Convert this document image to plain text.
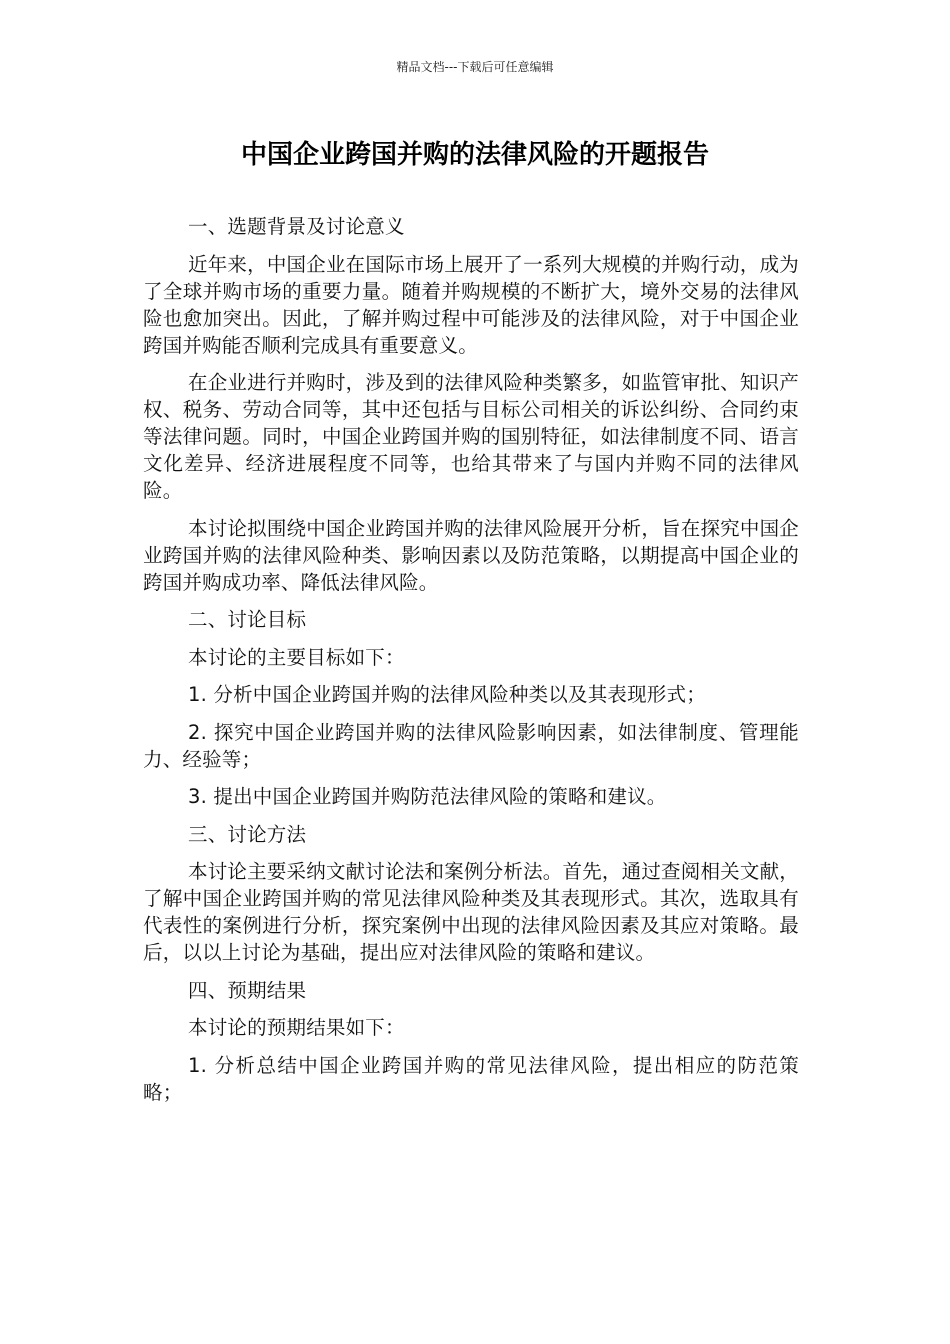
精品文档---下载后可任意编辑
中国企业跨国并购的法律风险的开题报告

一、选题背景及讨论意义

近年来，中国企业在国际市场上展开了一系列大规模的并购行动，成为了全球并购市场的重要力量。随着并购规模的不断扩大，境外交易的法律风险也愈加突出。因此，了解并购过程中可能涉及的法律风险，对于中国企业跨国并购能否顺利完成具有重要意义。

在企业进行并购时，涉及到的法律风险种类繁多，如监管审批、知识产权、税务、劳动合同等，其中还包括与目标公司相关的诉讼纠纷、合同约束等法律问题。同时，中国企业跨国并购的国别特征，如法律制度不同、语言文化差异、经济进展程度不同等，也给其带来了与国内并购不同的法律风险。

本讨论拟围绕中国企业跨国并购的法律风险展开分析，旨在探究中国企业跨国并购的法律风险种类、影响因素以及防范策略，以期提高中国企业的跨国并购成功率、降低法律风险。

二、讨论目标

本讨论的主要目标如下：

1. 分析中国企业跨国并购的法律风险种类以及其表现形式；

2. 探究中国企业跨国并购的法律风险影响因素，如法律制度、管理能力、经验等；

3. 提出中国企业跨国并购防范法律风险的策略和建议。

三、讨论方法

本讨论主要采纳文献讨论法和案例分析法。首先，通过查阅相关文献，了解中国企业跨国并购的常见法律风险种类及其表现形式。其次，选取具有代表性的案例进行分析，探究案例中出现的法律风险因素及其应对策略。最后，以以上讨论为基础，提出应对法律风险的策略和建议。

四、预期结果

本讨论的预期结果如下：

1. 分析总结中国企业跨国并购的常见法律风险，提出相应的防范策略；
